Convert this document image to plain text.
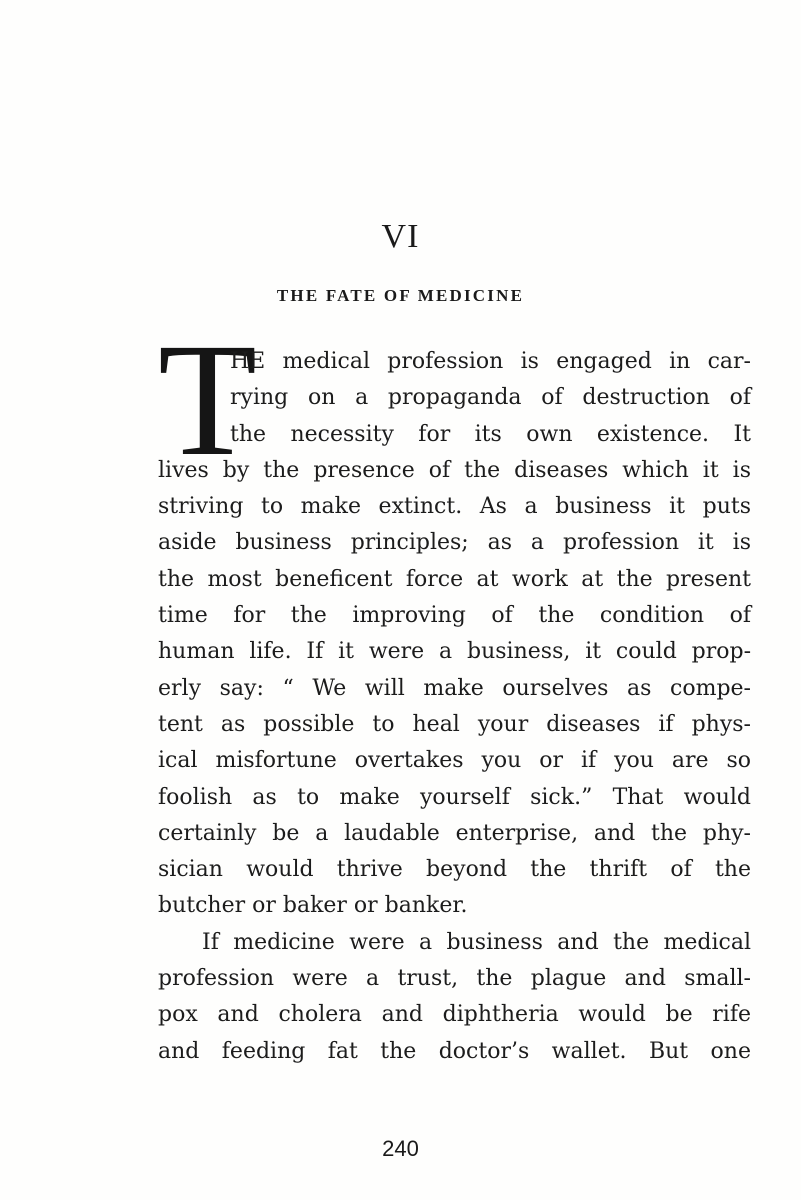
VI
THE FATE OF MEDICINE
T
HE medical profession is engaged in car-
rying on a propaganda of destruction of
the necessity for its own existence. It
lives by the presence of the diseases which it is
striving to make extinct. As a business it puts
aside business principles; as a profession it is
the most beneficent force at work at the present
time for the improving of the condition of
human life. If it were a business, it could prop-
erly say: “ We will make ourselves as compe-
tent as possible to heal your diseases if phys-
ical misfortune overtakes you or if you are so
foolish as to make yourself sick.” That would
certainly be a laudable enterprise, and the phy-
sician would thrive beyond the thrift of the
butcher or baker or banker.
If medicine were a business and the medical
profession were a trust, the plague and small-
pox and cholera and diphtheria would be rife
and feeding fat the doctor’s wallet. But one
240
